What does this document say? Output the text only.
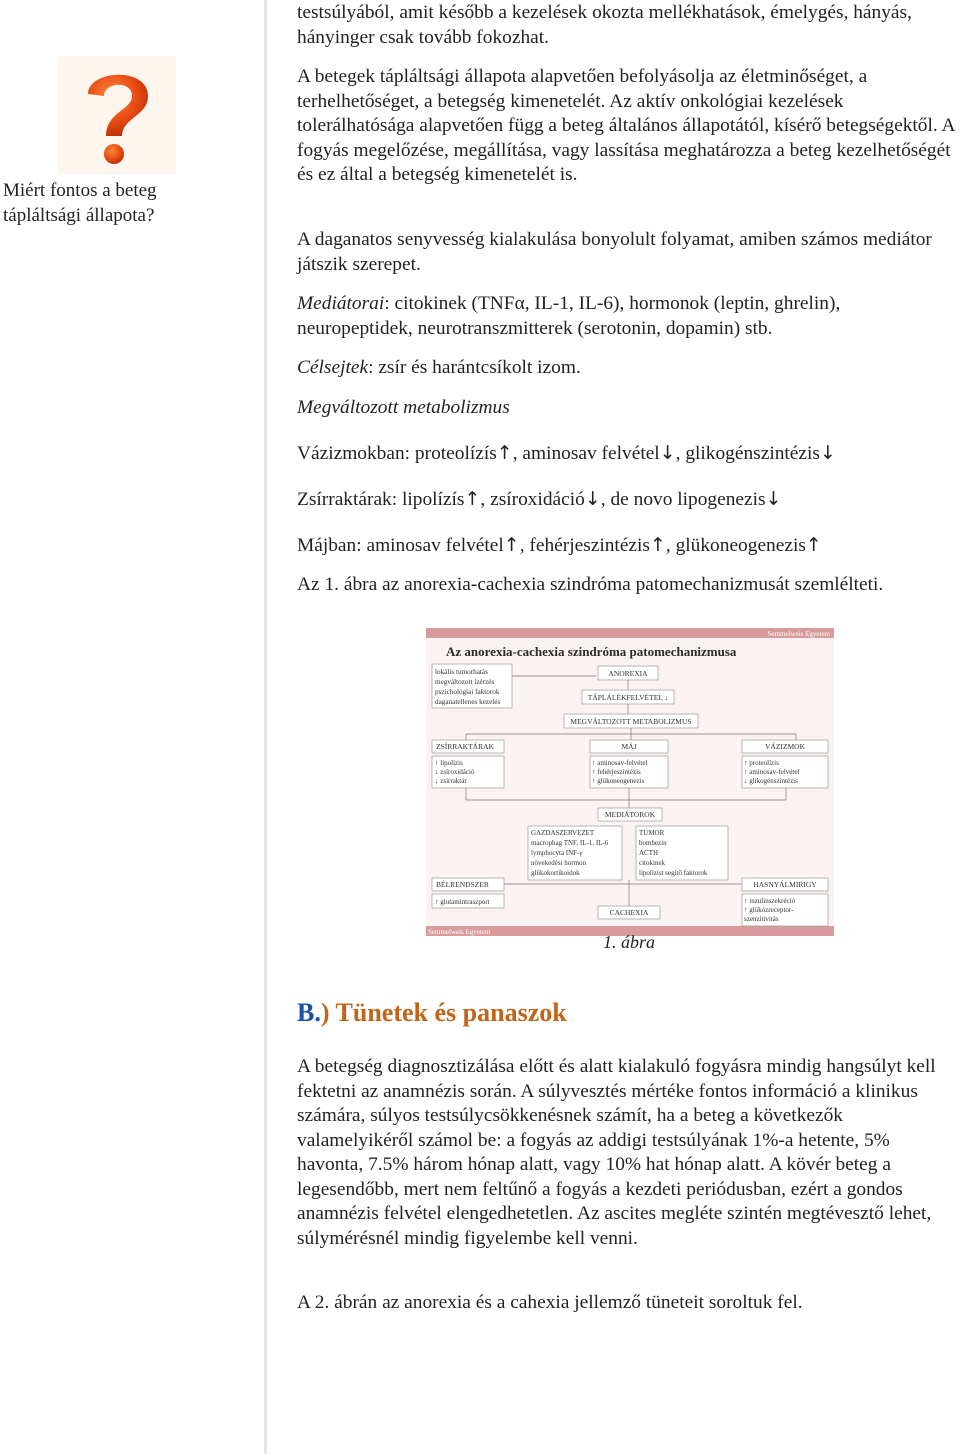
Miért fontos a beteg tápláltsági állapota?

testsúlyából, amit később a kezelések okozta mellékhatások, émelygés, hányás, hányinger csak tovább fokozhat.

A betegek tápláltsági állapota alapvetően befolyásolja az életminőséget, a terhelhetőséget, a betegség kimenetelét. Az aktív onkológiai kezelések tolerálhatósága alapvetően függ a beteg általános állapotától, kísérő betegségektől. A fogyás megelőzése, megállítása, vagy lassítása meghatározza a beteg kezelhetőségét és ez által a betegség kimenetelét is.

A daganatos senyvesség kialakulása bonyolult folyamat, amiben számos mediátor játszik szerepet.

Mediátorai: citokinek (TNFα, IL-1, IL-6), hormonok (leptin, ghrelin), neuropeptidek, neurotranszmitterek (serotonin, dopamin) stb.

Célsejtek: zsír és harántcsíkolt izom.

Megváltozott metabolizmus

Vázizmokban: proteolízís↑, aminosav felvétel↓, glikogénszintézis↓

Zsírraktárak: lipolízís↑, zsíroxidáció↓, de novo lipogenezis↓

Májban: aminosav felvétel↑, fehérjeszintézis↑, glükoneogenezis↑

Az 1. ábra az anorexia-cachexia szindróma patomechanizmusát szemlélteti.

A betegség diagnosztizálása előtt és alatt kialakuló fogyásra mindig hangsúlyt kell fektetni az anamnézis során. A súlyvesztés mértéke fontos információ a klinikus számára, súlyos testsúlycsökkenésnek számít, ha a beteg a következők valamelyikéről számol be: a fogyás az addigi testsúlyának 1%-a hetente, 5% havonta, 7.5% három hónap alatt, vagy 10% hat hónap alatt. A kövér beteg a legesendőbb, mert nem feltűnő a fogyás a kezdeti periódusban, ezért a gondos anamnézis felvétel elengedhetetlen. Az ascites megléte szintén megtévesztő lehet, súlymérésnél mindig figyelembe kell venni.

A 2. ábrán az anorexia és a cahexia jellemző tüneteit soroltuk fel.

Semmelweis Egyetem
Semmelweis Egyetem
Az anorexia-cachexia szindróma patomechanizmusa
lokális tumorhatás
megváltozott ízérzés
pszichológiai faktorok
daganatellenes kezelés
ANOREXIA
TÁPLÁLÉKFELVÉTEL ↓
MEGVÁLTOZOTT METABOLIZMUS
ZSÍRRAKTÁRAK
↑ lipolízis
↓ zsíroxidáció
↓ zsírraktár
MÁJ
↑ aminosav-felvétel
↑ fehérjeszintézis
↑ glükoneogenezis
VÁZIZMOK
↑ proteolízis
↑ aminosav-felvétel
↓ glikogénszintézis
MEDIÁTOROK
GAZDASZERVEZET
macrophag TNF, IL-1, IL-6
lymphocyta INF-γ
növekedési hormon
glükokortikoidok
TUMOR
bombezin
ACTH
citokinek
lipolízist segítő faktorok
BÉLRENDSZER
↑ glutamintraszport
CACHEXIA
HASNYÁLMIRIGY
↑ inzulinszekréció
↑ glükózreceptor-
szenzitivitás
1. ábra
B.) Tünetek és panaszok
